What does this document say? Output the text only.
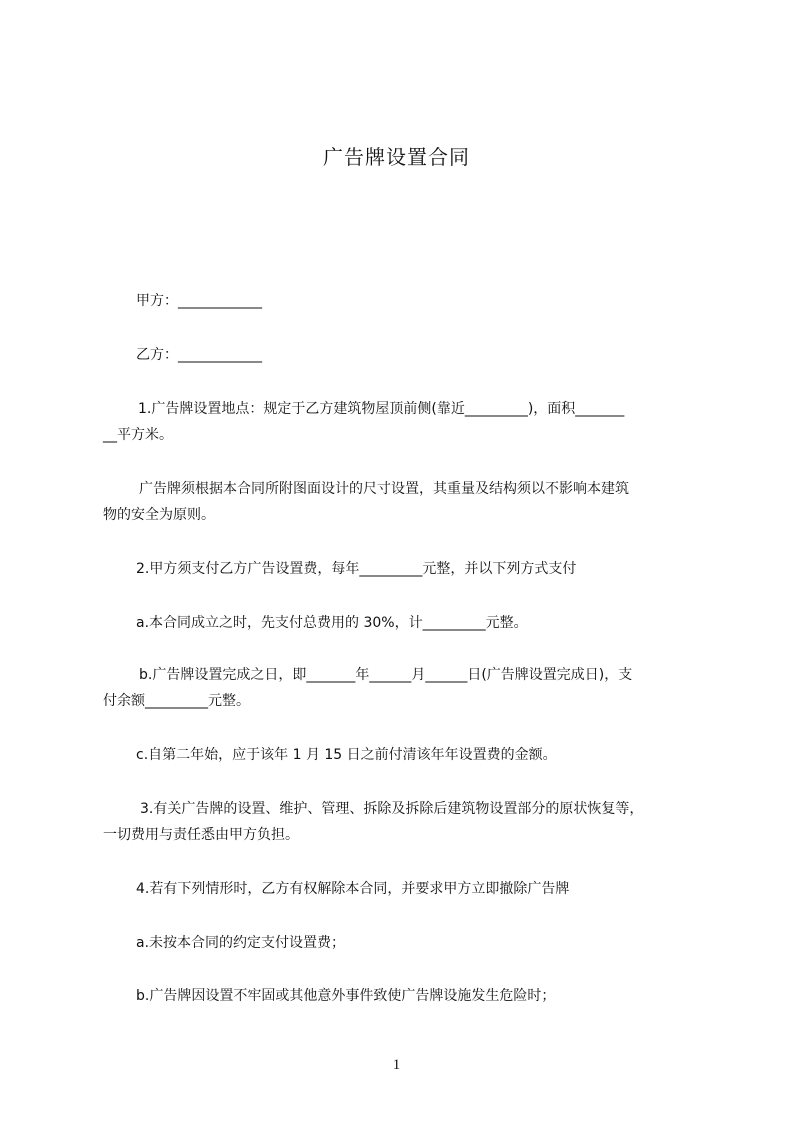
广告牌设置合同
甲方：____________
乙方：____________
1.广告牌设置地点：规定于乙方建筑物屋顶前侧(靠近_________)，面积_______
__平方米。
广告牌须根据本合同所附图面设计的尺寸设置，其重量及结构须以不影响本建筑
物的安全为原则。
2.甲方须支付乙方广告设置费，每年_________元整，并以下列方式支付
a.本合同成立之时，先支付总费用的 30%，计_________元整。
b.广告牌设置完成之日，即_______年______月______日(广告牌设置完成日)，支
付余额_________元整。
c.自第二年始，应于该年 1 月 15 日之前付清该年年设置费的金额。
3.有关广告牌的设置、维护、管理、拆除及拆除后建筑物设置部分的原状恢复等，
一切费用与责任悉由甲方负担。
4.若有下列情形时，乙方有权解除本合同，并要求甲方立即撤除广告牌
a.未按本合同的约定支付设置费；
b.广告牌因设置不牢固或其他意外事件致使广告牌设施发生危险时；
1
